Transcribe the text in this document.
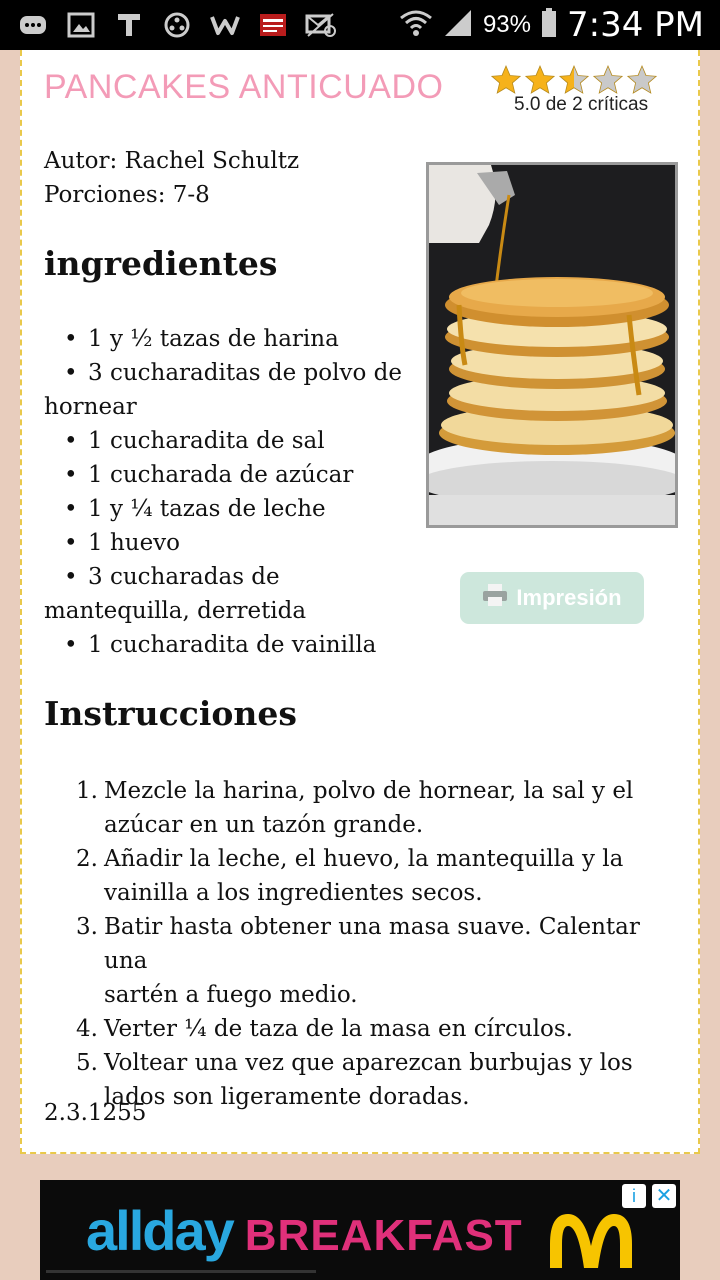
93% 7:34 PM
PANCAKES ANTICUADO	5.0 de 2 críticas
Autor: Rachel Schultz
Porciones: 7-8
ingredientes
• 1 y ½ tazas de harina
• 3 cucharaditas de polvo de
hornear
• 1 cucharadita de sal
• 1 cucharada de azúcar
• 1 y ¼ tazas de leche
• 1 huevo
• 3 cucharadas de
mantequilla, derretida
• 1 cucharadita de vainilla
Impresión
Instrucciones
1. Mezcle la harina, polvo de hornear, la sal y el
azúcar en un tazón grande.
2. Añadir la leche, el huevo, la mantequilla y la
vainilla a los ingredientes secos.
3. Batir hasta obtener una masa suave. Calentar una
sartén a fuego medio.
4. Verter ¼ de taza de la masa en círculos.
5. Voltear una vez que aparezcan burbujas y los
lados son ligeramente doradas.
2.3.1255
all day BREAKFAST
i ✕
